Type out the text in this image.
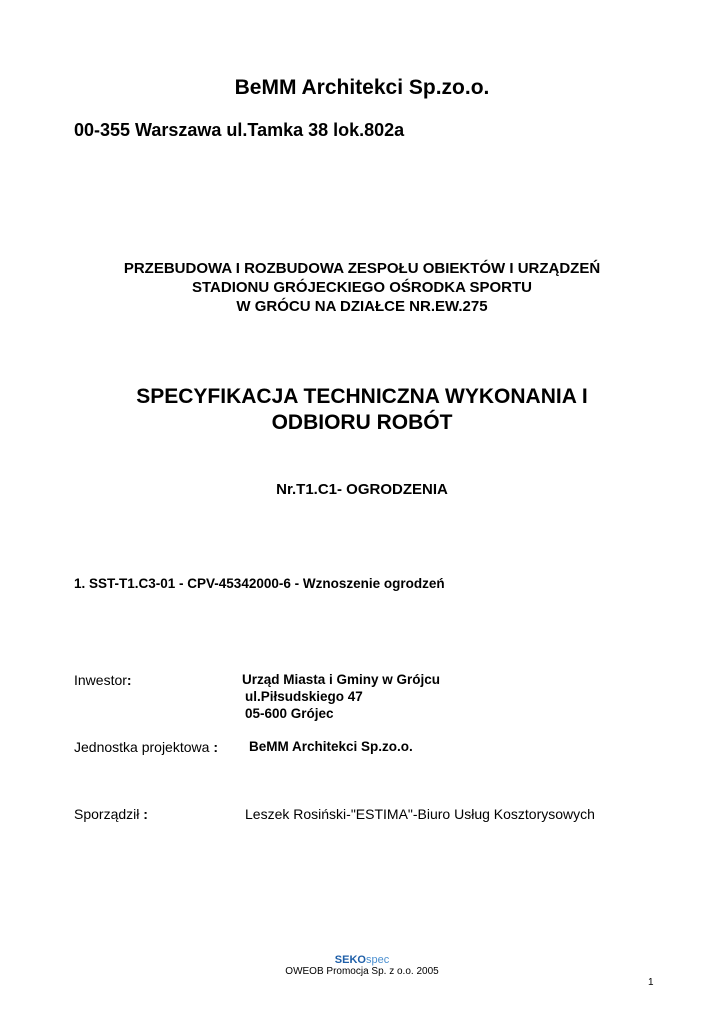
BeMM Architekci Sp.zo.o.
00-355 Warszawa ul.Tamka 38 lok.802a
PRZEBUDOWA I ROZBUDOWA ZESPOŁU OBIEKTÓW I URZĄDZEŃ
STADIONU GRÓJECKIEGO OŚRODKA SPORTU
W GRÓCU NA DZIAŁCE NR.EW.275
SPECYFIKACJA TECHNICZNA WYKONANIA I
ODBIORU ROBÓT
Nr.T1.C1- OGRODZENIA
1. SST-T1.C3-01 - CPV-45342000-6 - Wznoszenie ogrodzeń
Inwestor:	Urząd Miasta i Gminy w Grójcu
ul.Piłsudskiego 47
05-600 Grójec
Jednostka projektowa : BeMM Architekci Sp.zo.o.
Sporządził :	Leszek Rosiński-"ESTIMA"-Biuro Usług Kosztorysowych
SEKOspec
OWEOB Promocja Sp. z o.o. 2005
1
